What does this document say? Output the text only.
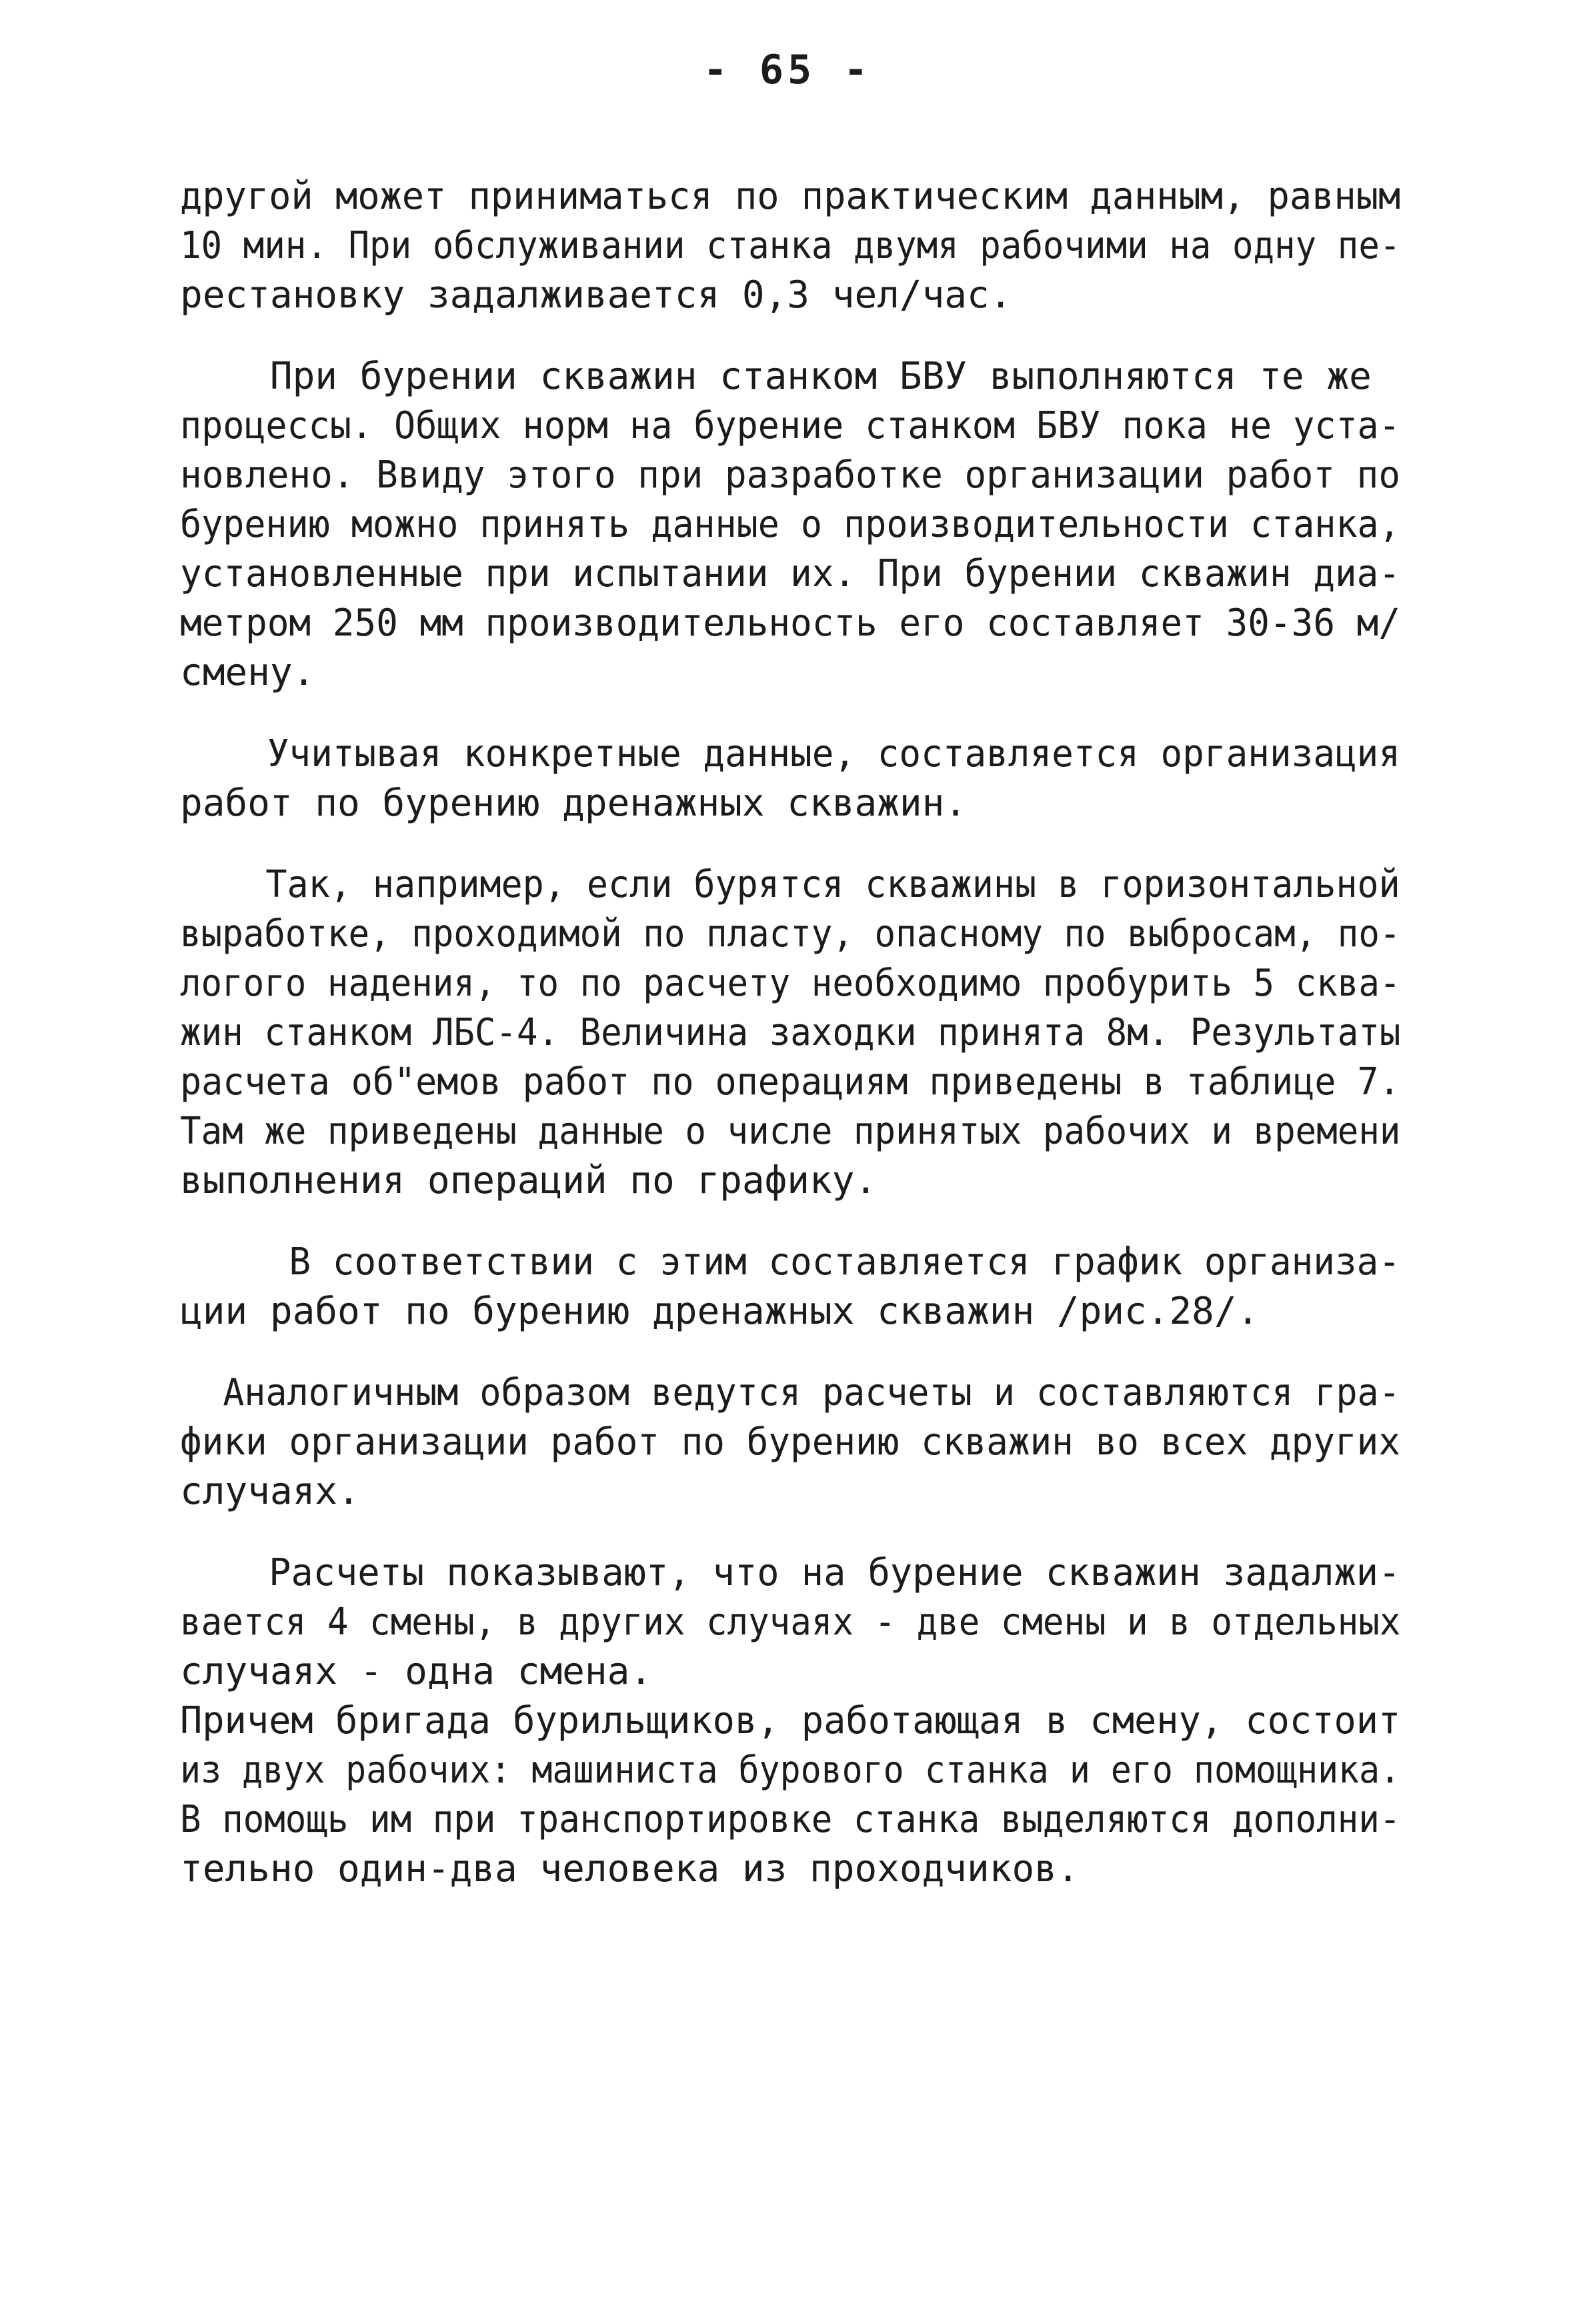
- 65 -
другой может приниматься по практическим данным, равным
10 мин. При обслуживании станка двумя рабочими на одну пе-
рестановку задалживается 0,3 чел/час.
При бурении скважин станком БВУ выполняются те же
процессы. Общих норм на бурение станком БВУ пока не уста-
новлено. Ввиду этого при разработке организации работ по
бурению можно принять данные о производительности станка,
установленные при испытании их. При бурении скважин диа-
метром 250 мм производительность его составляет 30-36 м/
смену.
Учитывая конкретные данные, составляется организация
работ по бурению дренажных скважин.
Так, например, если бурятся скважины в горизонтальной
выработке, проходимой по пласту, опасному по выбросам, по-
логого надения, то по расчету необходимо пробурить 5 сква-
жин станком ЛБС-4. Величина заходки принята 8м. Результаты
расчета об"емов работ по операциям приведены в таблице 7.
Там же приведены данные о числе принятых рабочих и времени
выполнения операций по графику.
В соответствии с этим составляется график организа-
ции работ по бурению дренажных скважин /рис.28/.
Аналогичным образом ведутся расчеты и составляются гра-
фики организации работ по бурению скважин во всех других
случаях.
Расчеты показывают, что на бурение скважин задалжи-
вается 4 смены, в других случаях - две смены и в отдельных
случаях - одна смена.
Причем бригада бурильщиков, работающая в смену, состоит
из двух рабочих: машиниста бурового станка и его помощника.
В помощь им при транспортировке станка выделяются дополни-
тельно один-два человека из проходчиков.
